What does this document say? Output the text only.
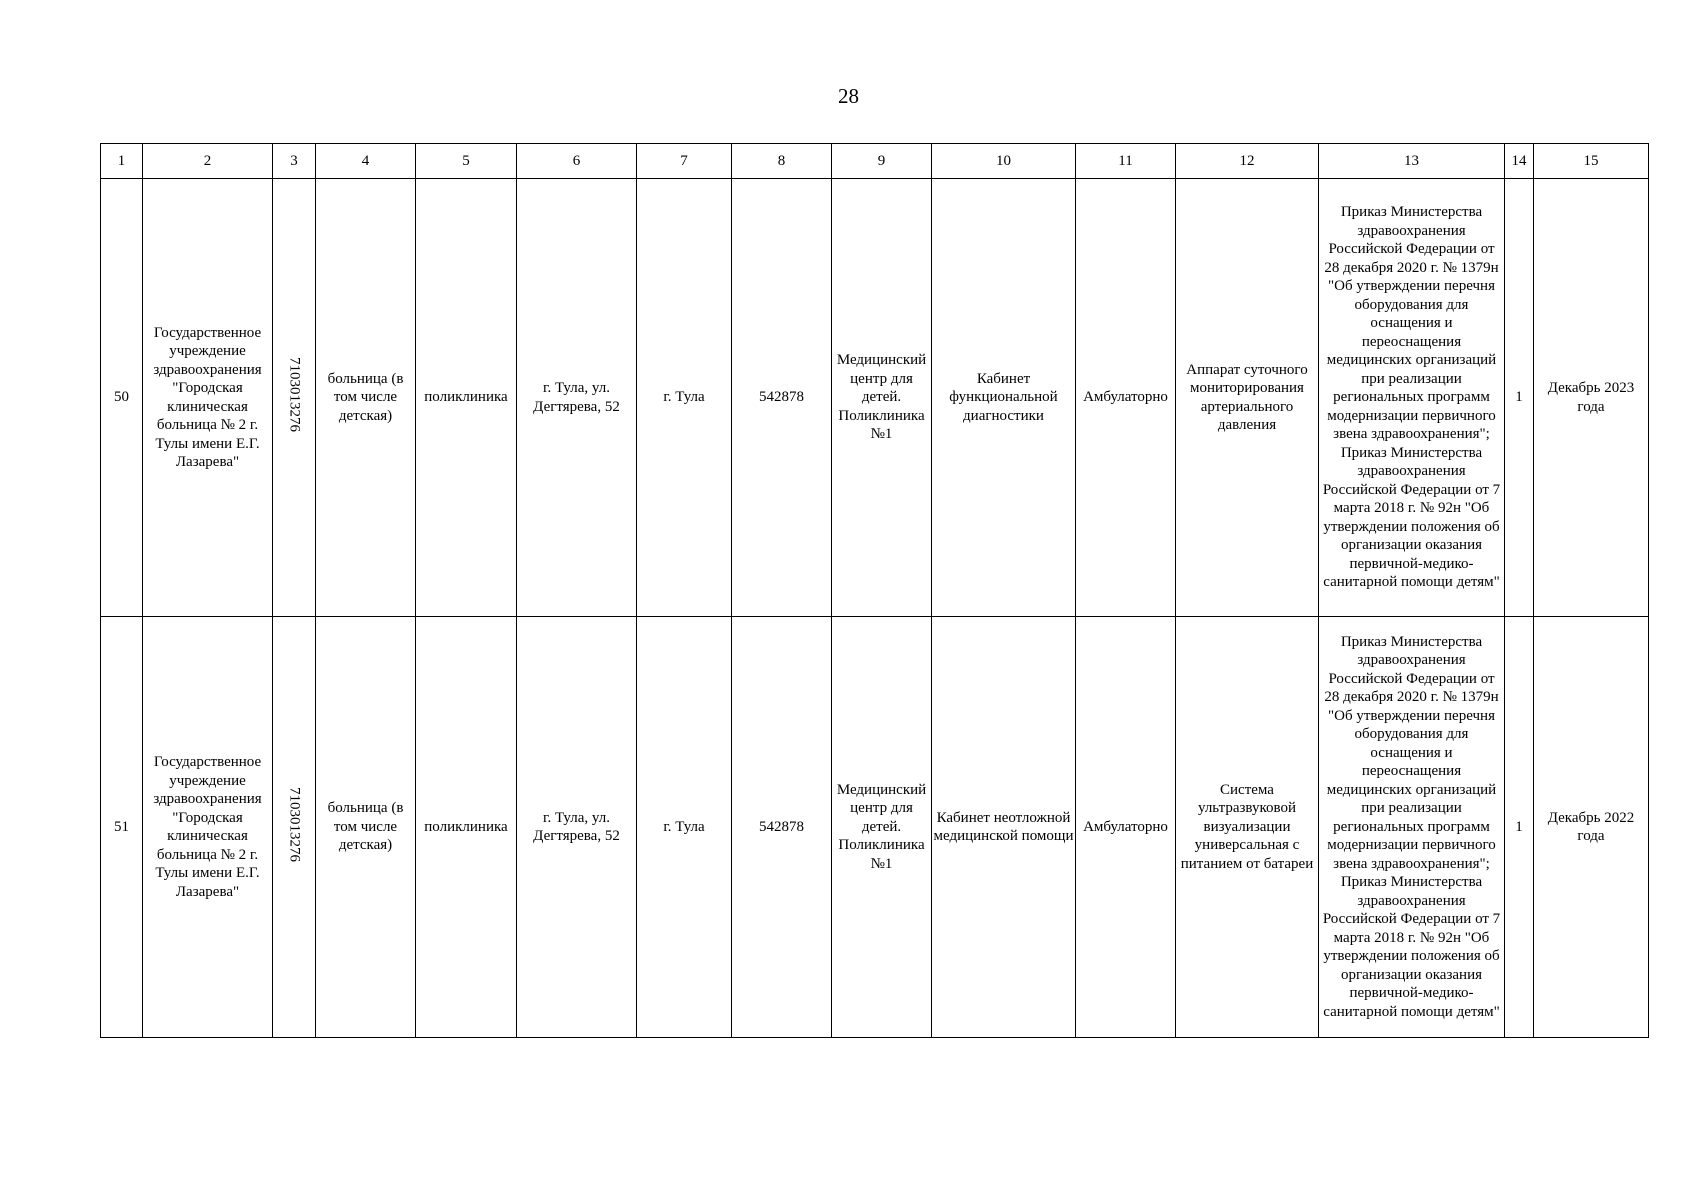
28
1	2	3	4	5	6	7	8	9	10	11	12	13	14	15
50	Государственное учреждение здравоохранения "Городская клиническая больница № 2 г. Тулы имени Е.Г. Лазарева"	7103013276	больница (в том числе детская)	поликлиника	г. Тула, ул. Дегтярева, 52	г. Тула	542878	Медицинский центр для детей. Поликлиника №1	Кабинет функциональной диагностики	Амбулаторно	Аппарат суточного мониторирования артериального давления	Приказ Министерства здравоохранения Российской Федерации от 28 декабря 2020 г. № 1379н "Об утверждении перечня оборудования для оснащения и переоснащения медицинских организаций при реализации региональных программ модернизации первичного звена здравоохранения"; Приказ Министерства здравоохранения Российской Федерации от 7 марта 2018 г. № 92н "Об утверждении положения об организации оказания первичной-медико-санитарной помощи детям"	1	Декабрь 2023 года
51	Государственное учреждение здравоохранения "Городская клиническая больница № 2 г. Тулы имени Е.Г. Лазарева"	7103013276	больница (в том числе детская)	поликлиника	г. Тула, ул. Дегтярева, 52	г. Тула	542878	Медицинский центр для детей. Поликлиника №1	Кабинет неотложной медицинской помощи	Амбулаторно	Система ультразвуковой визуализации универсальная с питанием от батареи	Приказ Министерства здравоохранения Российской Федерации от 28 декабря 2020 г. № 1379н "Об утверждении перечня оборудования для оснащения и переоснащения медицинских организаций при реализации региональных программ модернизации первичного звена здравоохранения"; Приказ Министерства здравоохранения Российской Федерации от 7 марта 2018 г. № 92н "Об утверждении положения об организации оказания первичной-медико-санитарной помощи детям"	1	Декабрь 2022 года
